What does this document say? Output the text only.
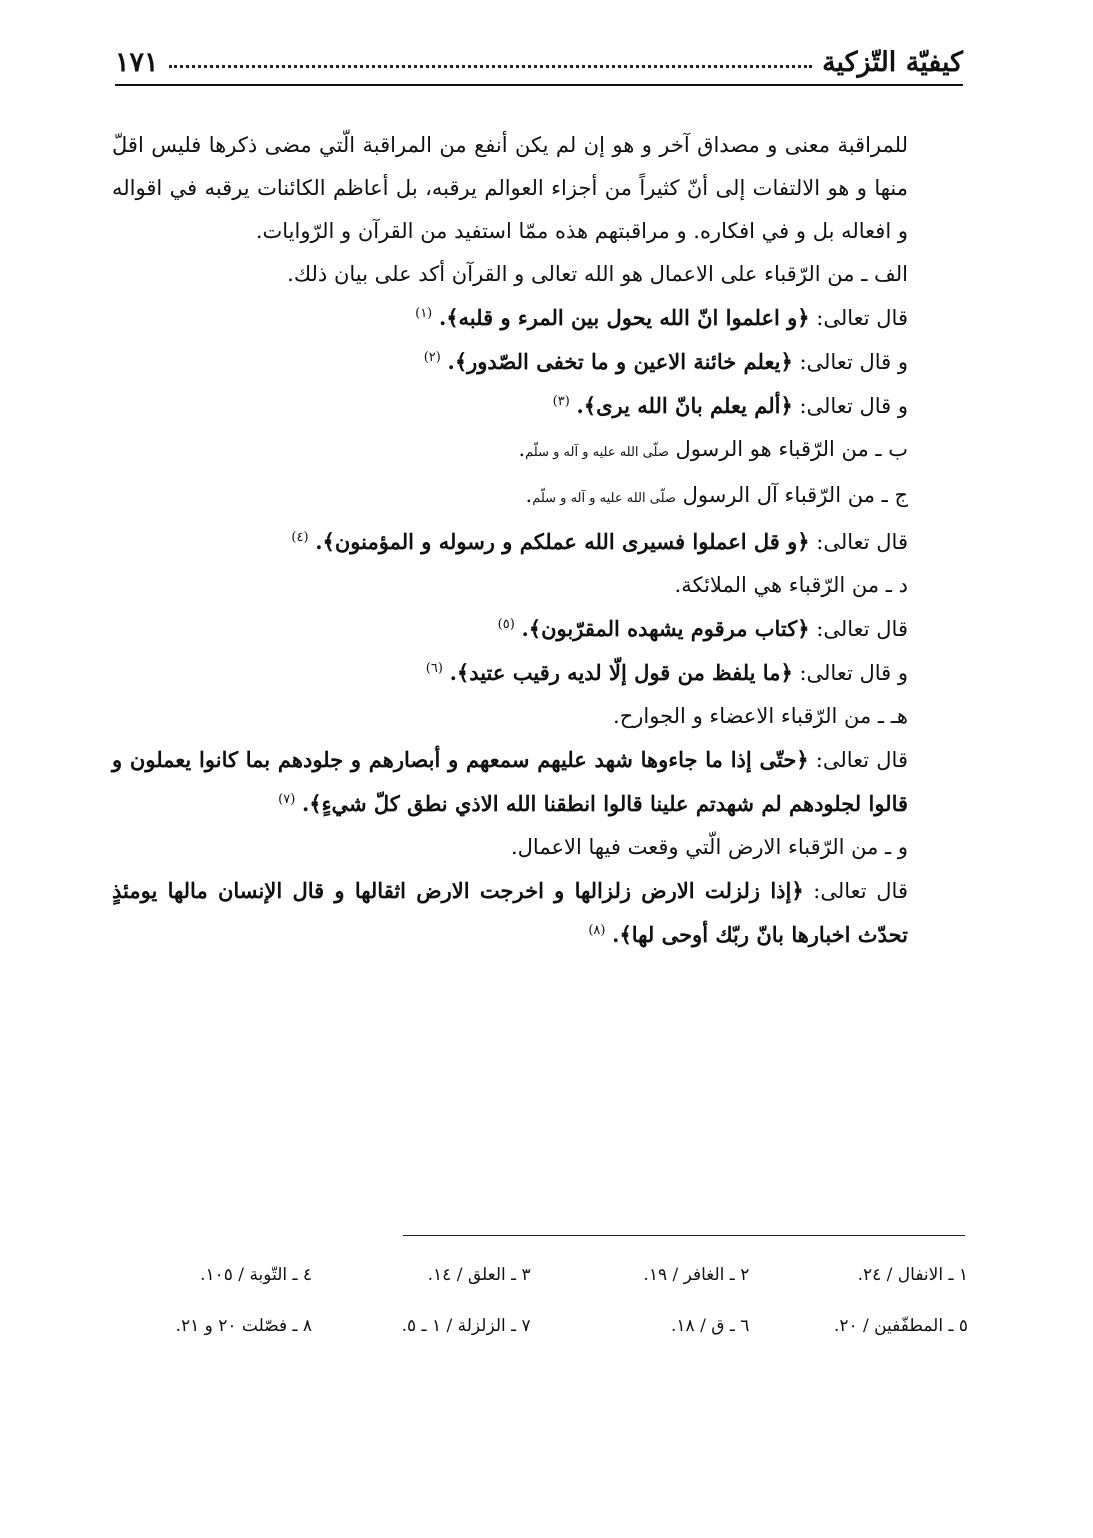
كيفيّة التّزكية
١٧١

للمراقبة معنى و مصداق آخر و هو إن لم يكن أنفع من المراقبة الّتي مضى ذكرها فليس اقلّ منها و هو الالتفات إلى أنّ كثيراً من أجزاء العوالم يرقبه، بل أعاظم الكائنات يرقبه في اقواله و افعاله بل و في افكاره. و مراقبتهم هذه ممّا استفيد من القرآن و الرّوايات.

الف ـ من الرّقباء على الاعمال هو الله تعالى و القرآن أكد على بيان ذلك.

قال تعالى: ﴿و اعلموا انّ الله يحول بين المرء و قلبه﴾. $^{(١)}$

و قال تعالى: ﴿يعلم خائنة الاعين و ما تخفى الصّدور﴾. $^{(٢)}$

و قال تعالى: ﴿ألم يعلم بانّ الله يرى﴾. $^{(٣)}$

ب ـ من الرّقباء هو الرسول صلّى الله عليه و آله و سلّم.

ج ـ من الرّقباء آل الرسول صلّى الله عليه و آله و سلّم.

قال تعالى: ﴿و قل اعملوا فسيرى الله عملكم و رسوله و المؤمنون﴾. $^{(٤)}$

د ـ من الرّقباء هي الملائكة.

قال تعالى: ﴿كتاب مرقوم يشهده المقرّبون﴾. $^{(٥)}$

و قال تعالى: ﴿ما يلفظ من قول إلّا لديه رقيب عتيد﴾. $^{(٦)}$

هـ ـ من الرّقباء الاعضاء و الجوارح.

قال تعالى: ﴿حتّى إذا ما جاءوها شهد عليهم سمعهم و أبصارهم و جلودهم بما كانوا يعملون و قالوا لجلودهم لم شهدتم علينا قالوا انطقنا الله الاذي نطق كلّ شيءٍ﴾. $^{(٧)}$

و ـ من الرّقباء الارض الّتي وقعت فيها الاعمال.

قال تعالى: ﴿إذا زلزلت الارض زلزالها و اخرجت الارض اثقالها و قال الإنسان مالها يومئذٍ تحدّث اخبارها بانّ ربّك أوحى لها﴾. $^{(٨)}$

١ ـ الانفال / ٢٤.
٢ ـ الغافر / ١٩.
٣ ـ العلق / ١٤.
٤ ـ التّوبة / ١٠٥.
٥ ـ المطفّفين / ٢٠.
٦ ـ ق / ١٨.
٧ ـ الزلزلة / ١ ـ ٥.
٨ ـ فصّلت ٢٠ و ٢١.
